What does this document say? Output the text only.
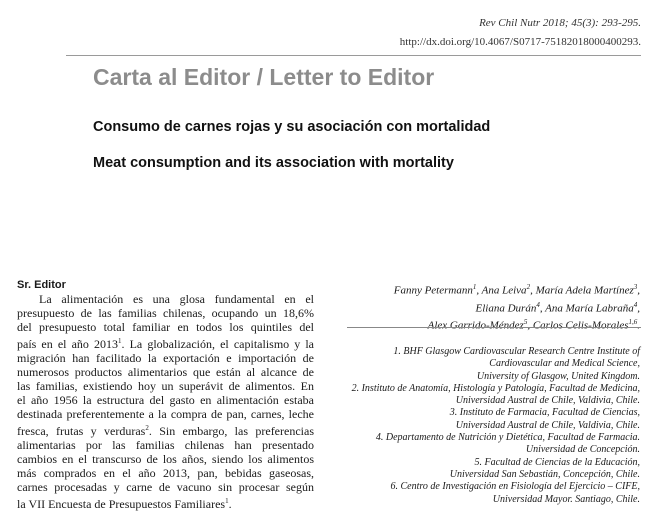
Rev Chil Nutr 2018; 45(3): 293-295.
http://dx.doi.org/10.4067/S0717-75182018000400293.
Carta al Editor / Letter to Editor
Consumo de carnes rojas y su asociación con mortalidad
Meat consumption and its association with mortality
Sr. Editor
La alimentación es una glosa fundamental en el
presupuesto de las familias chilenas, ocupando un 18,6%
del presupuesto total familiar en todos los quintiles del
país en el año 2013$^1$. La globalización, el capitalismo y la
migración han facilitado la exportación e importación de
numerosos productos alimentarios que están al alcance de
las familias, existiendo hoy un superávit de alimentos. En
el año 1956 la estructura del gasto en alimentación estaba
destinada preferentemente a la compra de pan, carnes, leche
fresca, frutas y verduras$^2$. Sin embargo, las preferencias
alimentarias por las familias chilenas han presentado
cambios en el transcurso de los años, siendo los alimentos
más comprados en el año 2013, pan, bebidas gaseosas,
carnes procesadas y carne de vacuno sin procesar según
la VII Encuesta de Presupuestos Familiares$^1$.
Fanny Petermann$^1$, Ana Leiva$^2$, María Adela Martínez$^3$,
Eliana Durán$^4$, Ana María Labraña$^4$,
Alex Garrido-Méndez$^5$, Carlos Celis-Morales$^{1,6}$.
1. BHF Glasgow Cardiovascular Research Centre Institute of
Cardiovascular and Medical Science,
University of Glasgow, United Kingdom.
2. Instituto de Anatomía, Histología y Patología, Facultad de Medicina,
Universidad Austral de Chile, Valdivia, Chile.
3. Instituto de Farmacia, Facultad de Ciencias,
Universidad Austral de Chile, Valdivia, Chile.
4. Departamento de Nutrición y Dietética, Facultad de Farmacia.
Universidad de Concepción.
5. Facultad de Ciencias de la Educación,
Universidad San Sebastián, Concepción, Chile.
6. Centro de Investigación en Fisiología del Ejercicio – CIFE,
Universidad Mayor. Santiago, Chile.
